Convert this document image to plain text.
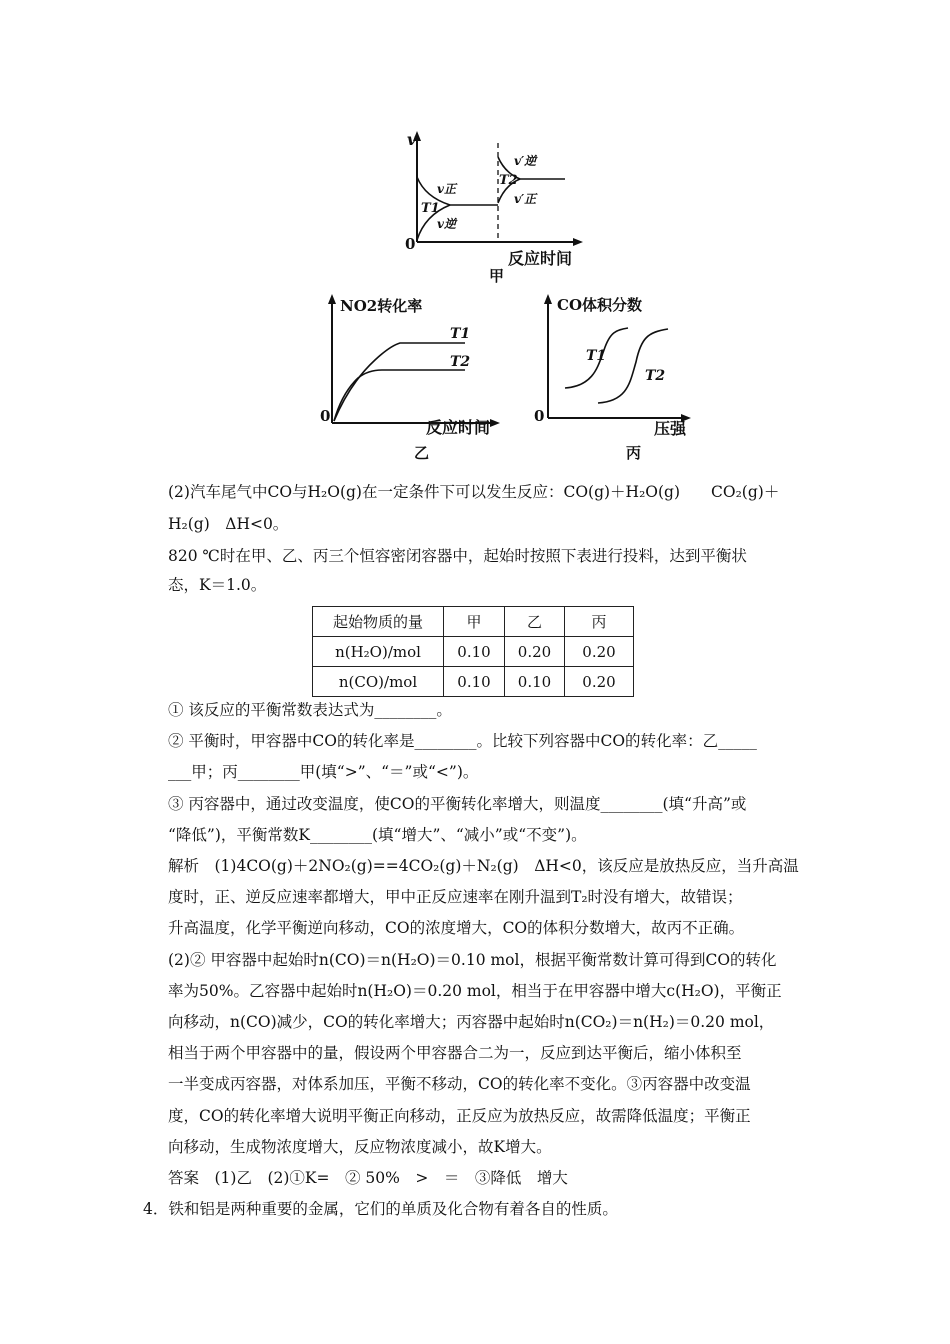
v
0
反应时间
v正
T1
v逆
v′逆
T2
v′正
甲
NO2转化率
T1
T2
0
反应时间
乙
CO体积分数
T1
T2
0
压强
丙
(2)汽车尾气中CO与H₂O(g)在一定条件下可以发生反应：CO(g)＋H₂O(g)　　CO₂(g)＋
H₂(g)　ΔH<0。
820 ℃时在甲、乙、丙三个恒容密闭容器中，起始时按照下表进行投料，达到平衡状
态，K＝1.0。
起始物质的量	甲	乙	丙
n(H₂O)/mol	0.10	0.20	0.20
n(CO)/mol	0.10	0.10	0.20
① 该反应的平衡常数表达式为________。
② 平衡时，甲容器中CO的转化率是________。比较下列容器中CO的转化率：乙_____
___甲；丙________甲(填“>”、“＝”或“<”)。
③ 丙容器中，通过改变温度，使CO的平衡转化率增大，则温度________(填“升高”或
“降低”)，平衡常数K________(填“增大”、“减小”或“不变”)。
解析　(1)4CO(g)＋2NO₂(g)==4CO₂(g)＋N₂(g)　ΔH<0，该反应是放热反应，当升高温
度时，正、逆反应速率都增大，甲中正反应速率在刚升温到T₂时没有增大，故错误；
升高温度，化学平衡逆向移动，CO的浓度增大，CO的体积分数增大，故丙不正确。
(2)② 甲容器中起始时n(CO)＝n(H₂O)＝0.10 mol，根据平衡常数计算可得到CO的转化
率为50%。乙容器中起始时n(H₂O)＝0.20 mol，相当于在甲容器中增大c(H₂O)，平衡正
向移动，n(CO)减少，CO的转化率增大；丙容器中起始时n(CO₂)＝n(H₂)＝0.20 mol，
相当于两个甲容器中的量，假设两个甲容器合二为一，反应到达平衡后，缩小体积至
一半变成丙容器，对体系加压，平衡不移动，CO的转化率不变化。③丙容器中改变温
度，CO的转化率增大说明平衡正向移动，正反应为放热反应，故需降低温度；平衡正
向移动，生成物浓度增大，反应物浓度减小，故K增大。
答案　(1)乙　(2)①K=　② 50%　>　＝　③降低　增大
4．铁和铝是两种重要的金属，它们的单质及化合物有着各自的性质。
